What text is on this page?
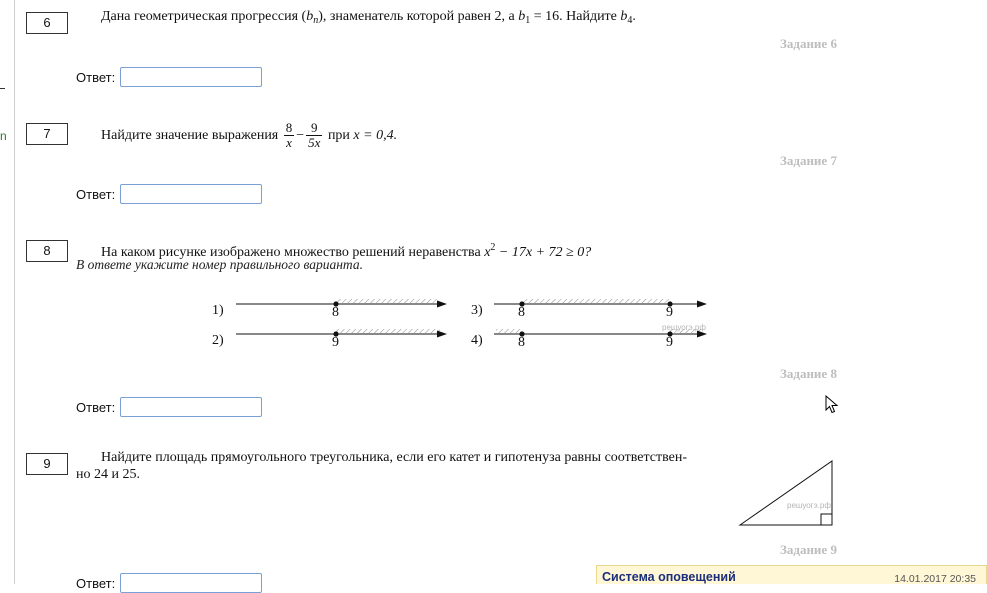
n
6	Дана геометрическая прогрессия $(b_n)$, знаменатель которой равен 2, а $b_1 = 16$. Найдите $b_4$.
Задание 6
Ответ:
7	Найдите значение выражения $\frac{8}{x} - \frac{9}{5x}$ при x = 0,4.
Задание 7
Ответ:
8	На каком рисунке изображено множество решений неравенства $x^2 - 17x + 72 \ge 0$?
В ответе укажите номер правильного варианта.
1)
2)
3)
4)
8
9
8	9
8	9
решуогэ.рф
Задание 8
Ответ:
9	Найдите площадь прямоугольного треугольника, если его катет и гипотенуза равны соответствен-
но 24 и 25.
решуогэ.рф
Задание 9
Ответ:	Система оповещений	14.01.2017 20:35
